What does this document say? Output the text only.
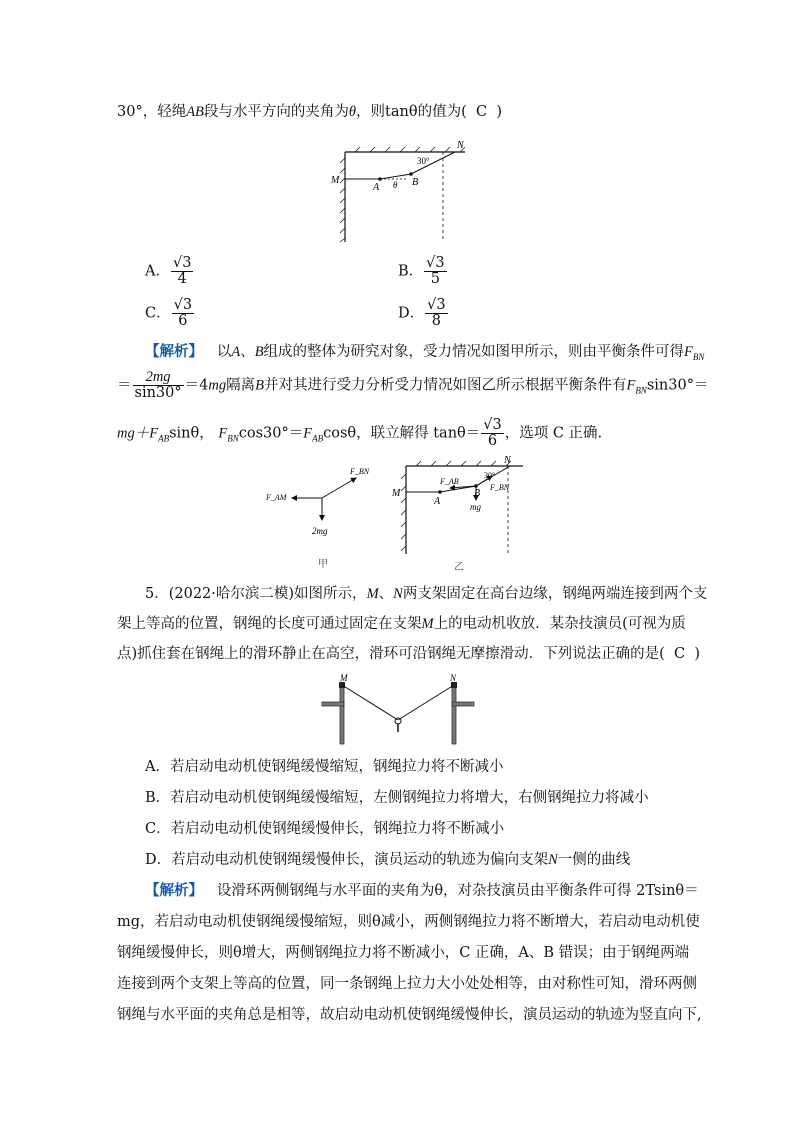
30°，轻绳AB段与水平方向的夹角为θ，则tanθ的值为( C )
M
N
A	B
30°
θ
A． $\frac{√3}{4}$	B． $\frac{√3}{5}$
C． $\frac{√3}{6}$	D． $\frac{√3}{8}$
【解析】 以A、B组成的整体为研究对象，受力情况如图甲所示，则由平衡条件可得$F_{BN}$
＝ $\frac{2mg}{\sin 30^\circ} =4mg$隔离B并对其进行受力分析受力情况如图乙所示根据平衡条件有$F_{BN}\sin 30^\circ=$
$mg+F_{AB}\sin\theta$， $F_{BN}\cos 30^\circ=F_{AB}\cos\theta$，联立解得 $\tan\theta= \frac{√3}{6}$ ，选项 C 正确.
F_BN
F_AM
2mg
甲
M
N
A
B
F_AB
F_BN
mg
30°
乙
5．(2022·哈尔滨二模)如图所示，M、N两支架固定在高台边缘，钢绳两端连接到两个支
架上等高的位置，钢绳的长度可通过固定在支架M上的电动机收放．某杂技演员(可视为质
点)抓住套在钢绳上的滑环静止在高空，滑环可沿钢绳无摩擦滑动．下列说法正确的是( C )
M	N
A．若启动电动机使钢绳缓慢缩短，钢绳拉力将不断减小
B．若启动电动机使钢绳缓慢缩短，左侧钢绳拉力将增大，右侧钢绳拉力将减小
C．若启动电动机使钢绳缓慢伸长，钢绳拉力将不断减小
D．若启动电动机使钢绳缓慢伸长，演员运动的轨迹为偏向支架N一侧的曲线
【解析】 设滑环两侧钢绳与水平面的夹角为θ，对杂技演员由平衡条件可得 2Tsinθ＝
mg，若启动电动机使钢绳缓慢缩短，则θ减小，两侧钢绳拉力将不断增大，若启动电动机使
钢绳缓慢伸长，则θ增大，两侧钢绳拉力将不断减小，C 正确，A、B 错误；由于钢绳两端
连接到两个支架上等高的位置，同一条钢绳上拉力大小处处相等，由对称性可知，滑环两侧
钢绳与水平面的夹角总是相等，故启动电动机使钢绳缓慢伸长，演员运动的轨迹为竖直向下,
